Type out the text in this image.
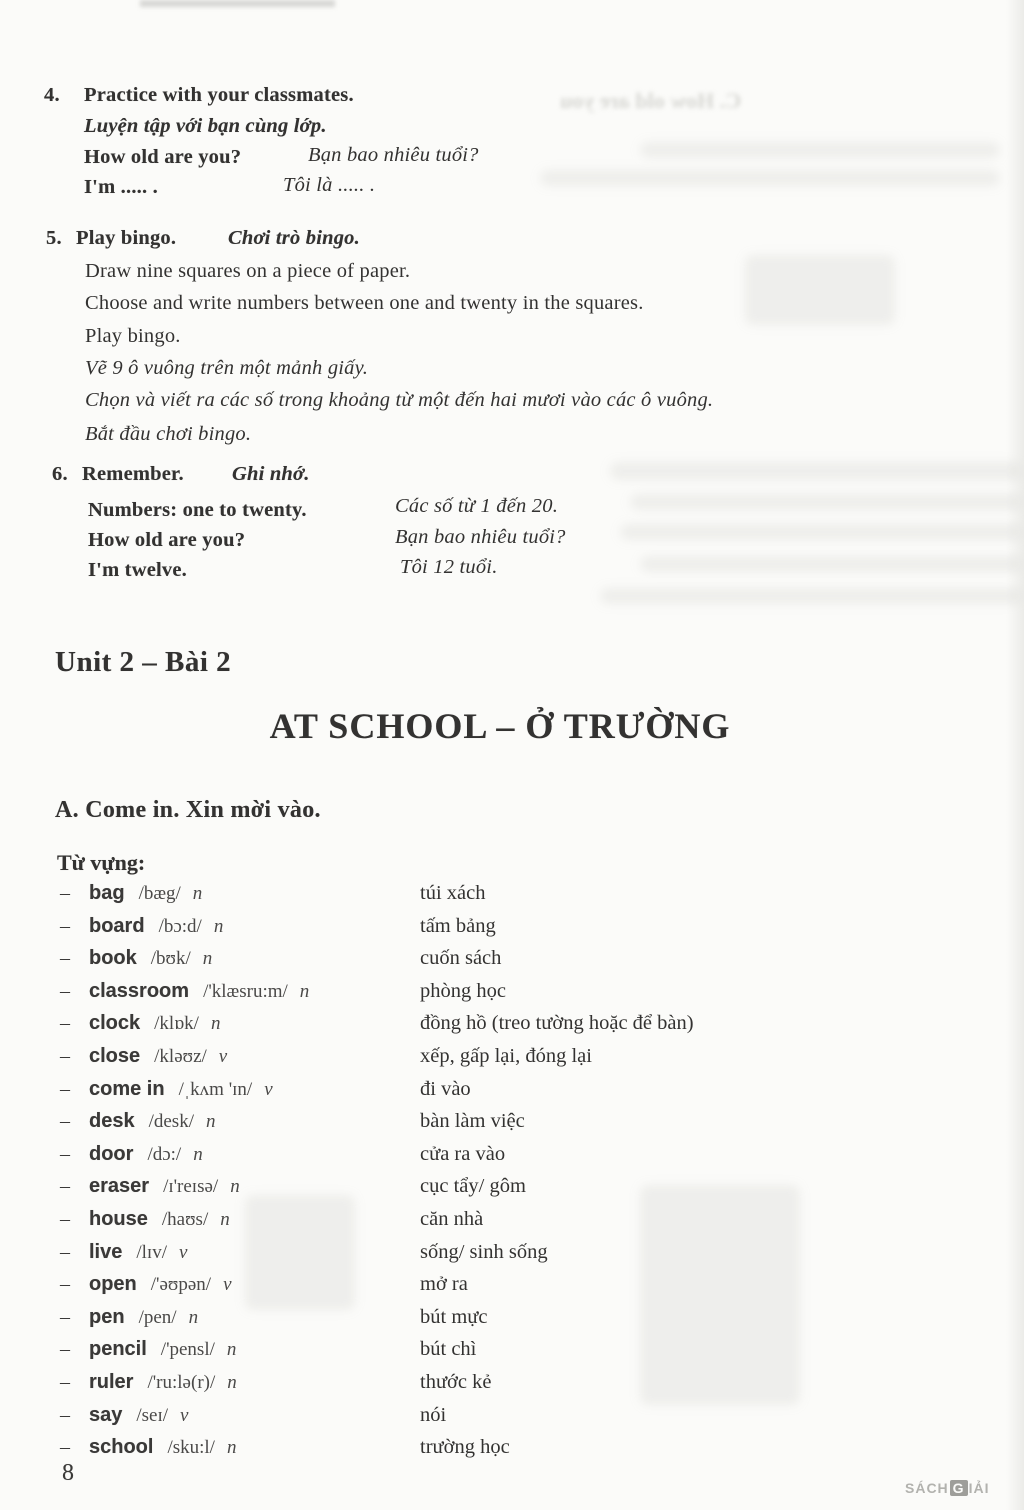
C. How old are you
4. Practice with your classmates.
Luyện tập với bạn cùng lớp.
How old are you?	Bạn bao nhiêu tuổi?
I'm ..... .	Tôi là ..... .
5. Play bingo.	Chơi trò bingo.
Draw nine squares on a piece of paper.
Choose and write numbers between one and twenty in the squares.
Play bingo.
Vẽ 9 ô vuông trên một mảnh giấy.
Chọn và viết ra các số trong khoảng từ một đến hai mươi vào các ô vuông.
Bắt đầu chơi bingo.
6. Remember. Ghi nhớ.
Numbers: one to twenty.	Các số từ 1 đến 20.
How old are you?	Bạn bao nhiêu tuổi?
I'm twelve.	Tôi 12 tuổi.
Unit 2 – Bài 2
AT SCHOOL – Ở TRƯỜNG
A. Come in. Xin mời vào.
Từ vựng:
– bag /bæg/ n	túi xách
– board /bɔ:d/ n	tấm bảng
– book /bʊk/ n	cuốn sách
– classroom /'klæsru:m/ n	phòng học
– clock /klɒk/ n	đồng hồ (treo tường hoặc để bàn)
– close /kləʊz/ v	xếp, gấp lại, đóng lại
– come in /ˌkʌm 'ɪn/ v	đi vào
– desk /desk/ n	bàn làm việc
– door /dɔ:/ n	cửa ra vào
– eraser /ɪ'reɪsə/ n	cục tẩy/ gôm
– house /haʊs/ n	căn nhà
– live /lɪv/ v	sống/ sinh sống
– open /'əʊpən/ v	mở ra
– pen /pen/ n	bút mực
– pencil /'pensl/ n	bút chì
– ruler /'ru:lə(r)/ n	thước kẻ
– say /seɪ/ v	nói
– school /sku:l/ n	trường học
8
SÁCH G IẢI
